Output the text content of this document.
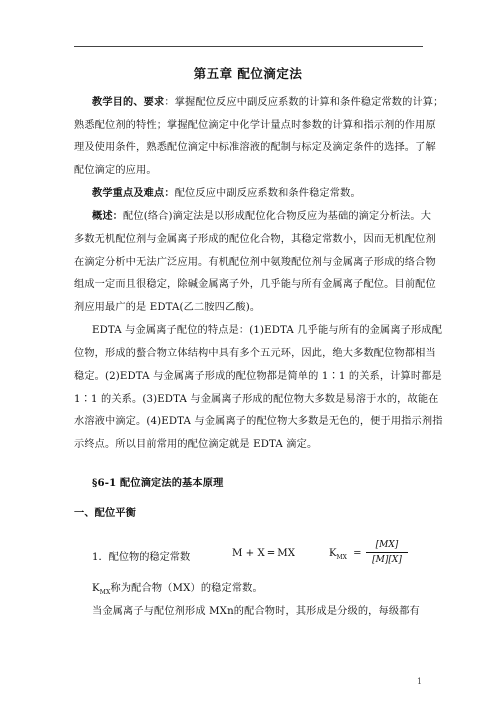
第五章 配位滴定法
教学目的、要求：掌握配位反应中副反应系数的计算和条件稳定常数的计算；
熟悉配位剂的特性；掌握配位滴定中化学计量点时参数的计算和指示剂的作用原
理及使用条件，熟悉配位滴定中标准溶液的配制与标定及滴定条件的选择。了解
配位滴定的应用。
教学重点及难点：配位反应中副反应系数和条件稳定常数。
概述：配位(络合)滴定法是以形成配位化合物反应为基础的滴定分析法。大
多数无机配位剂与金属离子形成的配位化合物，其稳定常数小，因而无机配位剂
在滴定分析中无法广泛应用。有机配位剂中氨羧配位剂与金属离子形成的络合物
组成一定而且很稳定，除碱金属离子外，几乎能与所有金属离子配位。目前配位
剂应用最广的是 EDTA(乙二胺四乙酸)。
EDTA 与金属离子配位的特点是：(1)EDTA 几乎能与所有的金属离子形成配
位物，形成的螯合物立体结构中具有多个五元环，因此，绝大多数配位物都相当
稳定。(2)EDTA 与金属离子形成的配位物都是简单的 1∶1 的关系，计算时都是
1∶1 的关系。(3)EDTA 与金属离子形成的配位物大多数是易溶于水的，故能在
水溶液中滴定。(4)EDTA 与金属离子的配位物大多数是无色的，便于用指示剂指
示终点。所以目前常用的配位滴定就是 EDTA 滴定。
§6-1 配位滴定法的基本原理
一、配位平衡
1．配位物的稳定常数	M + X ═ MX	$K_{MX}$ =
[MX]
[M][X]
$K_{MX}$称为配合物（MX）的稳定常数。
当金属离子与配位剂形成 MXn的配合物时，其形成是分级的，每级都有
1
